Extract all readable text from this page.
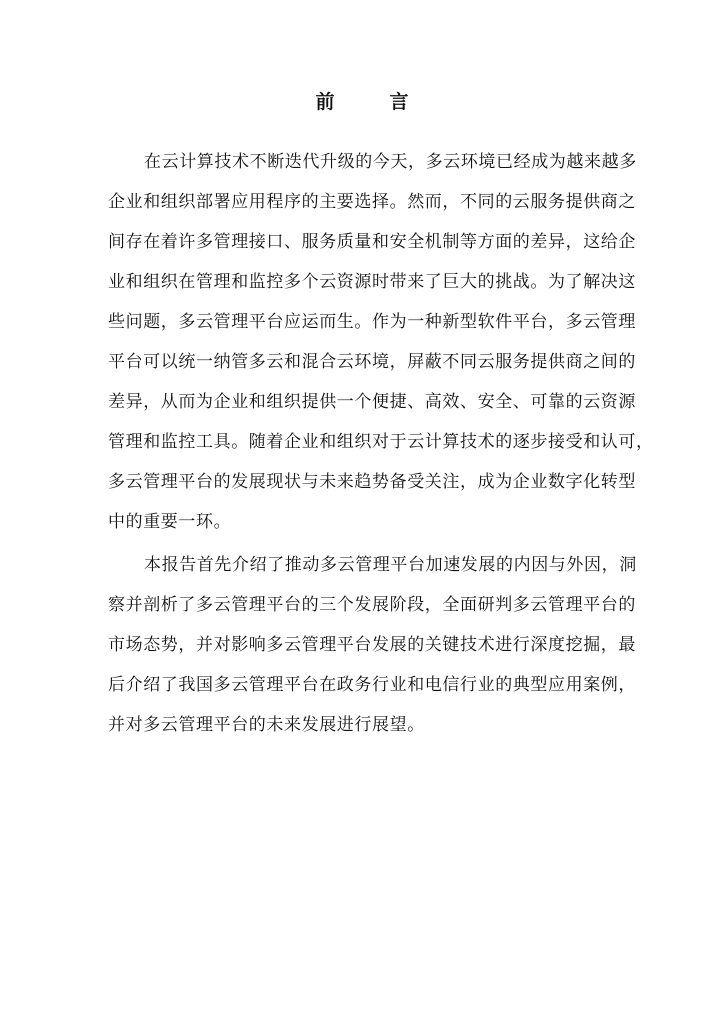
前　言
在云计算技术不断迭代升级的今天，多云环境已经成为越来越多
企业和组织部署应用程序的主要选择。然而，不同的云服务提供商之
间存在着许多管理接口、服务质量和安全机制等方面的差异，这给企
业和组织在管理和监控多个云资源时带来了巨大的挑战。为了解决这
些问题，多云管理平台应运而生。作为一种新型软件平台，多云管理
平台可以统一纳管多云和混合云环境，屏蔽不同云服务提供商之间的
差异，从而为企业和组织提供一个便捷、高效、安全、可靠的云资源
管理和监控工具。随着企业和组织对于云计算技术的逐步接受和认可，
多云管理平台的发展现状与未来趋势备受关注，成为企业数字化转型
中的重要一环。
本报告首先介绍了推动多云管理平台加速发展的内因与外因，洞
察并剖析了多云管理平台的三个发展阶段，全面研判多云管理平台的
市场态势，并对影响多云管理平台发展的关键技术进行深度挖掘，最
后介绍了我国多云管理平台在政务行业和电信行业的典型应用案例，
并对多云管理平台的未来发展进行展望。
